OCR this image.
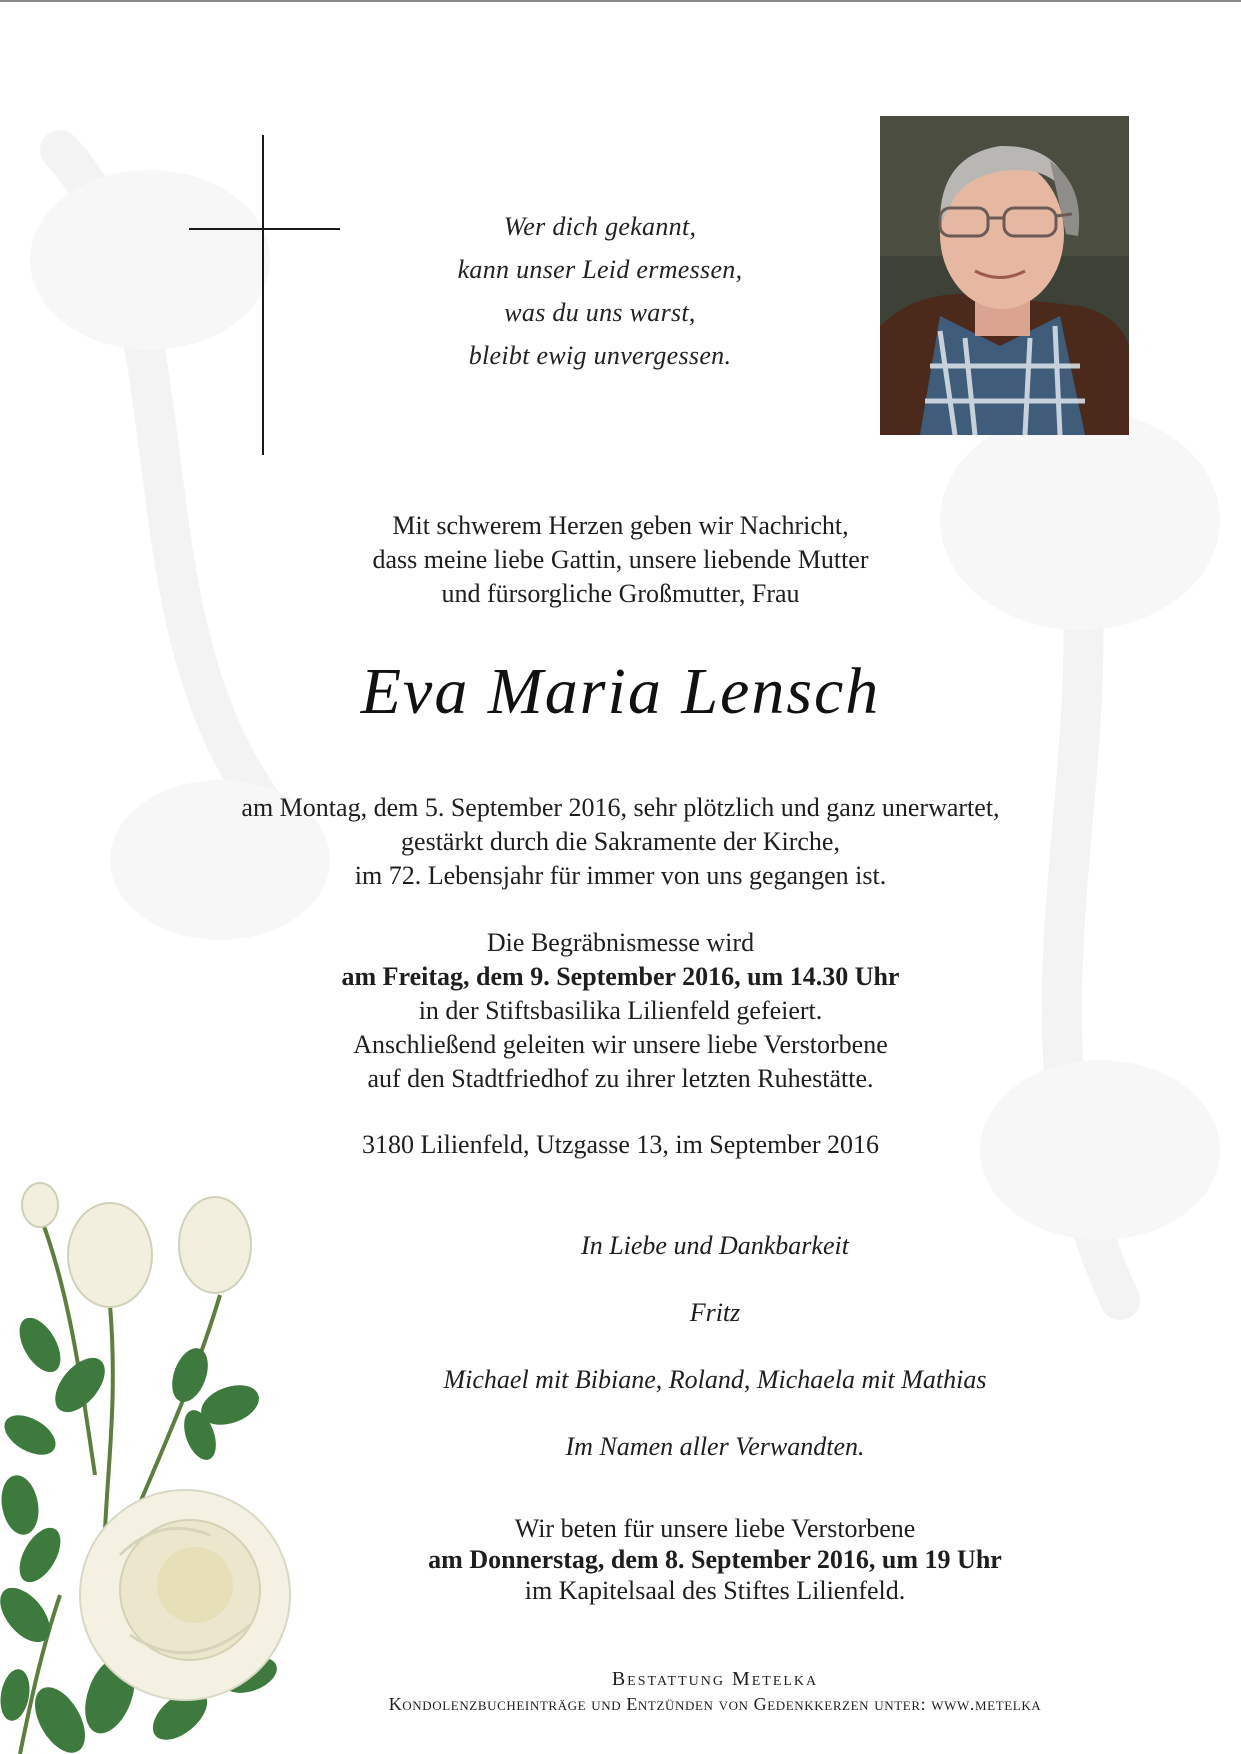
Wer dich gekannt,
kann unser Leid ermessen,
was du uns warst,
bleibt ewig unvergessen.
Mit schwerem Herzen geben wir Nachricht,
dass meine liebe Gattin, unsere liebende Mutter
und fürsorgliche Großmutter, Frau
Eva Maria Lensch
am Montag, dem 5. September 2016, sehr plötzlich und ganz unerwartet,
gestärkt durch die Sakramente der Kirche,
im 72. Lebensjahr für immer von uns gegangen ist.
Die Begräbnismesse wird
am Freitag, dem 9. September 2016, um 14.30 Uhr
in der Stiftsbasilika Lilienfeld gefeiert.
Anschließend geleiten wir unsere liebe Verstorbene
auf den Stadtfriedhof zu ihrer letzten Ruhestätte.
3180 Lilienfeld, Utzgasse 13, im September 2016
In Liebe und Dankbarkeit
Fritz
Michael mit Bibiane, Roland, Michaela mit Mathias
Im Namen aller Verwandten.
Wir beten für unsere liebe Verstorbene
am Donnerstag, dem 8. September 2016, um 19 Uhr
im Kapitelsaal des Stiftes Lilienfeld.
Bestattung Metelka
Kondolenzbucheinträge und Entzünden von Gedenkkerzen unter: www.metelka
